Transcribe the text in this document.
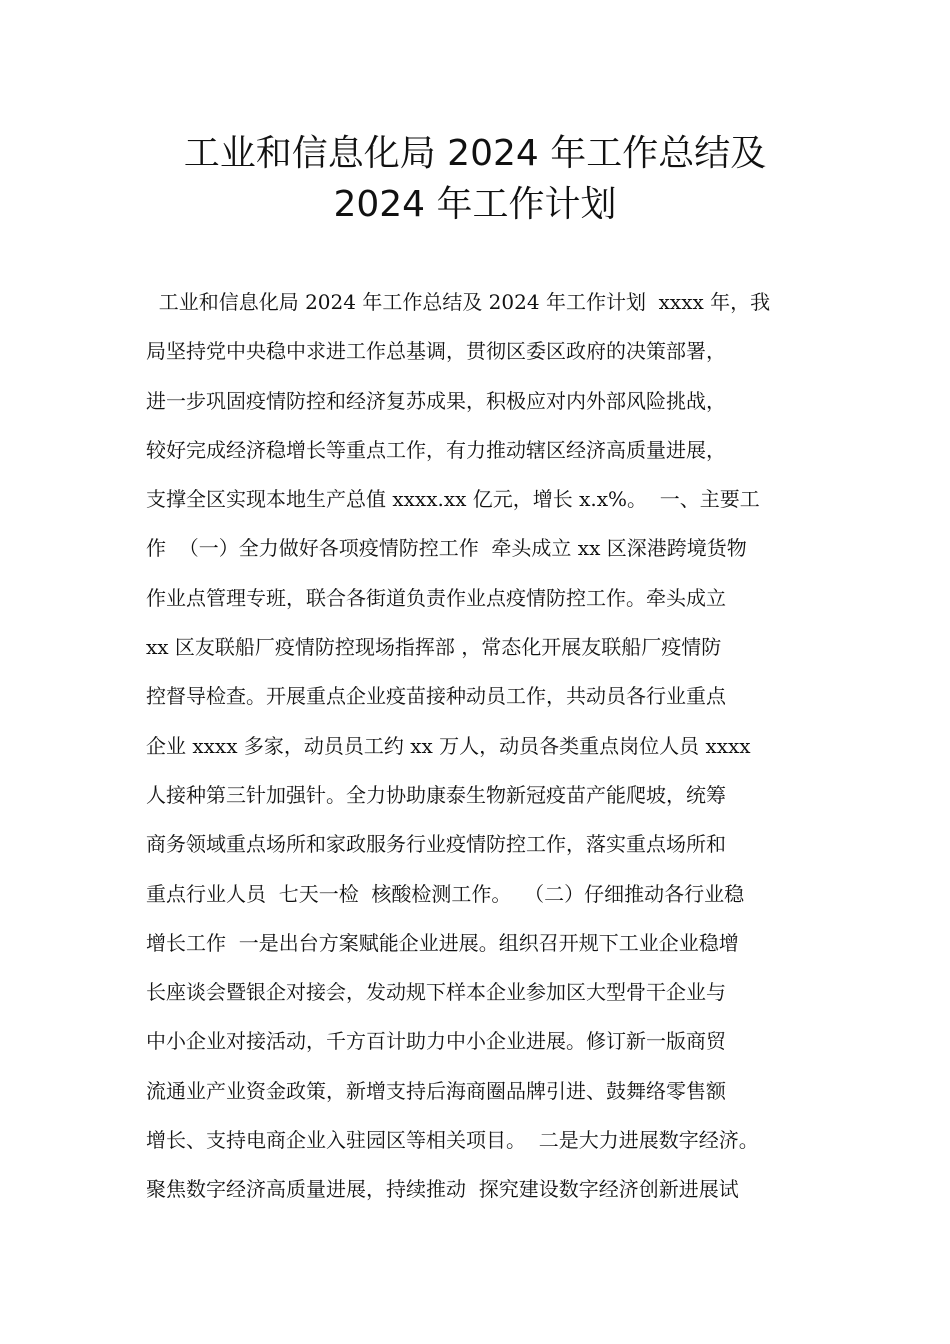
工业和信息化局 2024 年工作总结及
2024 年工作计划
工业和信息化局 2024 年工作总结及 2024 年工作计划  xxxx 年，我
局坚持党中央稳中求进工作总基调，贯彻区委区政府的决策部署，
进一步巩固疫情防控和经济复苏成果，积极应对内外部风险挑战，
较好完成经济稳增长等重点工作，有力推动辖区经济高质量进展，
支撑全区实现本地生产总值 xxxx.xx 亿元，增长 x.x%。  一、主要工
作  （一）全力做好各项疫情防控工作  牵头成立 xx 区深港跨境货物
作业点管理专班，联合各街道负责作业点疫情防控工作。牵头成立
xx 区友联船厂疫情防控现场指挥部 ，常态化开展友联船厂疫情防
控督导检查。开展重点企业疫苗接种动员工作，共动员各行业重点
企业 xxxx 多家，动员员工约 xx 万人，动员各类重点岗位人员 xxxx
人接种第三针加强针。全力协助康泰生物新冠疫苗产能爬坡，统筹
商务领域重点场所和家政服务行业疫情防控工作，落实重点场所和
重点行业人员  七天一检  核酸检测工作。  （二）仔细推动各行业稳
增长工作  一是出台方案赋能企业进展。组织召开规下工业企业稳增
长座谈会暨银企对接会，发动规下样本企业参加区大型骨干企业与
中小企业对接活动，千方百计助力中小企业进展。修订新一版商贸
流通业产业资金政策，新增支持后海商圈品牌引进、鼓舞络零售额
增长、支持电商企业入驻园区等相关项目。  二是大力进展数字经济。
聚焦数字经济高质量进展，持续推动  探究建设数字经济创新进展试
